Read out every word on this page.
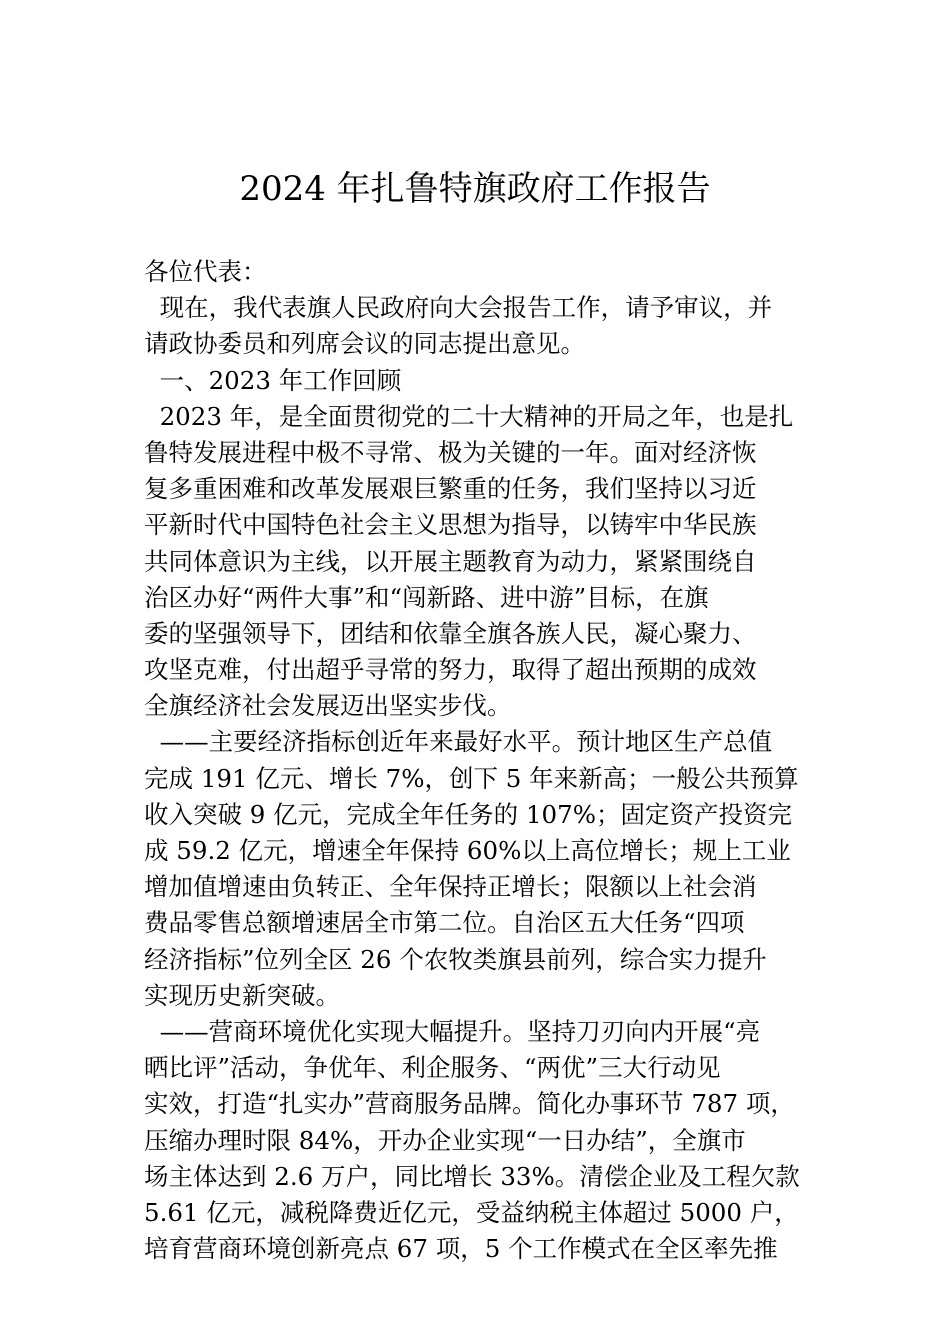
2024 年扎鲁特旗政府工作报告
各位代表：
现在，我代表旗人民政府向大会报告工作，请予审议，并
请政协委员和列席会议的同志提出意见。
一、2023 年工作回顾
2023 年，是全面贯彻党的二十大精神的开局之年，也是扎
鲁特发展进程中极不寻常、极为关键的一年。面对经济恢
复多重困难和改革发展艰巨繁重的任务，我们坚持以习近
平新时代中国特色社会主义思想为指导，以铸牢中华民族
共同体意识为主线，以开展主题教育为动力，紧紧围绕自
治区办好“两件大事”和“闯新路、进中游”目标，在旗
委的坚强领导下，团结和依靠全旗各族人民，凝心聚力、
攻坚克难，付出超乎寻常的努力，取得了超出预期的成效
全旗经济社会发展迈出坚实步伐。
——主要经济指标创近年来最好水平。预计地区生产总值
完成 191 亿元、增长 7%，创下 5 年来新高；一般公共预算
收入突破 9 亿元，完成全年任务的 107%；固定资产投资完
成 59.2 亿元，增速全年保持 60%以上高位增长；规上工业
增加值增速由负转正、全年保持正增长；限额以上社会消
费品零售总额增速居全市第二位。自治区五大任务“四项
经济指标”位列全区 26 个农牧类旗县前列，综合实力提升
实现历史新突破。
——营商环境优化实现大幅提升。坚持刀刃向内开展“亮
晒比评”活动，争优年、利企服务、“两优”三大行动见
实效，打造“扎实办”营商服务品牌。简化办事环节 787 项，
压缩办理时限 84%，开办企业实现“一日办结”，全旗市
场主体达到 2.6 万户，同比增长 33%。清偿企业及工程欠款
5.61 亿元，减税降费近亿元，受益纳税主体超过 5000 户，
培育营商环境创新亮点 67 项，5 个工作模式在全区率先推
